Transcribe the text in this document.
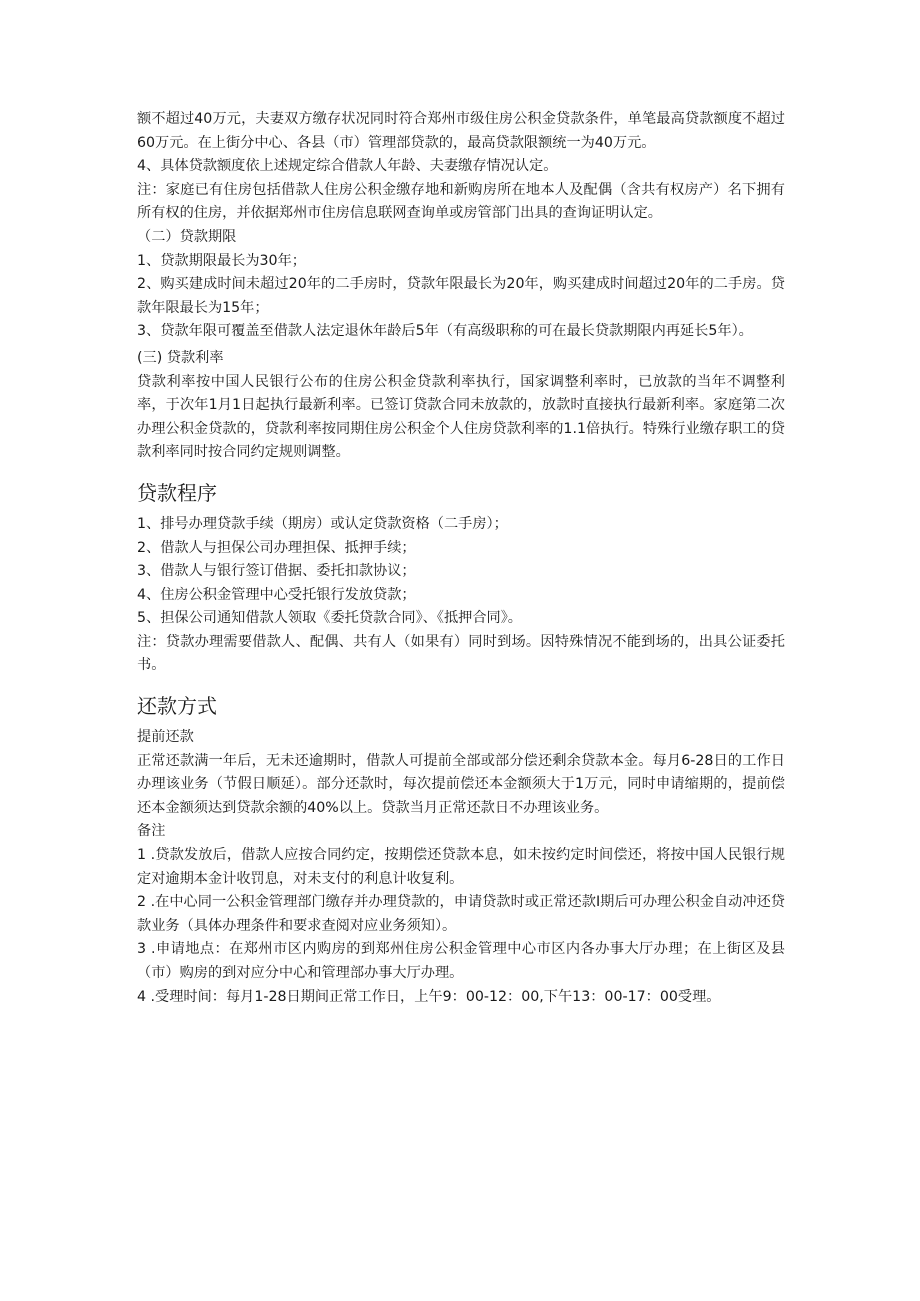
额不超过40万元，夫妻双方缴存状况同时符合郑州市级住房公积金贷款条件，单笔最高贷款额度不超过60万元。在上街分中心、各县（市）管理部贷款的，最高贷款限额统一为40万元。

4、具体贷款额度依上述规定综合借款人年龄、夫妻缴存情况认定。

注：家庭已有住房包括借款人住房公积金缴存地和新购房所在地本人及配偶（含共有权房产）名下拥有所有权的住房，并依据郑州市住房信息联网查询单或房管部门出具的查询证明认定。

（二）贷款期限

1、贷款期限最长为30年；

2、购买建成时间未超过20年的二手房时，贷款年限最长为20年，购买建成时间超过20年的二手房。贷款年限最长为15年；

3、贷款年限可覆盖至借款人法定退休年龄后5年（有高级职称的可在最长贷款期限内再延长5年）。

(三) 贷款利率

贷款利率按中国人民银行公布的住房公积金贷款利率执行，国家调整利率时，已放款的当年不调整利率，于次年1月1日起执行最新利率。已签订贷款合同未放款的，放款时直接执行最新利率。家庭第二次办理公积金贷款的，贷款利率按同期住房公积金个人住房贷款利率的1.1倍执行。特殊行业缴存职工的贷款利率同时按合同约定规则调整。

贷款程序

1、排号办理贷款手续（期房）或认定贷款资格（二手房）；

2、借款人与担保公司办理担保、抵押手续；

3、借款人与银行签订借据、委托扣款协议；

4、住房公积金管理中心受托银行发放贷款；

5、担保公司通知借款人领取《委托贷款合同》、《抵押合同》。

注：贷款办理需要借款人、配偶、共有人（如果有）同时到场。因特殊情况不能到场的，出具公证委托书。

还款方式

提前还款

正常还款满一年后，无未还逾期时，借款人可提前全部或部分偿还剩余贷款本金。每月6-28日的工作日办理该业务（节假日顺延）。部分还款时，每次提前偿还本金额须大于1万元，同时申请缩期的，提前偿还本金额须达到贷款余额的40%以上。贷款当月正常还款日不办理该业务。

备注

1 .贷款发放后，借款人应按合同约定，按期偿还贷款本息，如未按约定时间偿还，将按中国人民银行规定对逾期本金计收罚息，对未支付的利息计收复利。

2 .在中心同一公积金管理部门缴存并办理贷款的，申请贷款时或正常还款I期后可办理公积金自动冲还贷款业务（具体办理条件和要求查阅对应业务须知）。

3 .申请地点：在郑州市区内购房的到郑州住房公积金管理中心市区内各办事大厅办理；在上街区及县（市）购房的到对应分中心和管理部办事大厅办理。

4 .受理时间：每月1-28日期间正常工作日，上午9：00-12：00,下午13：00-17：00受理。
